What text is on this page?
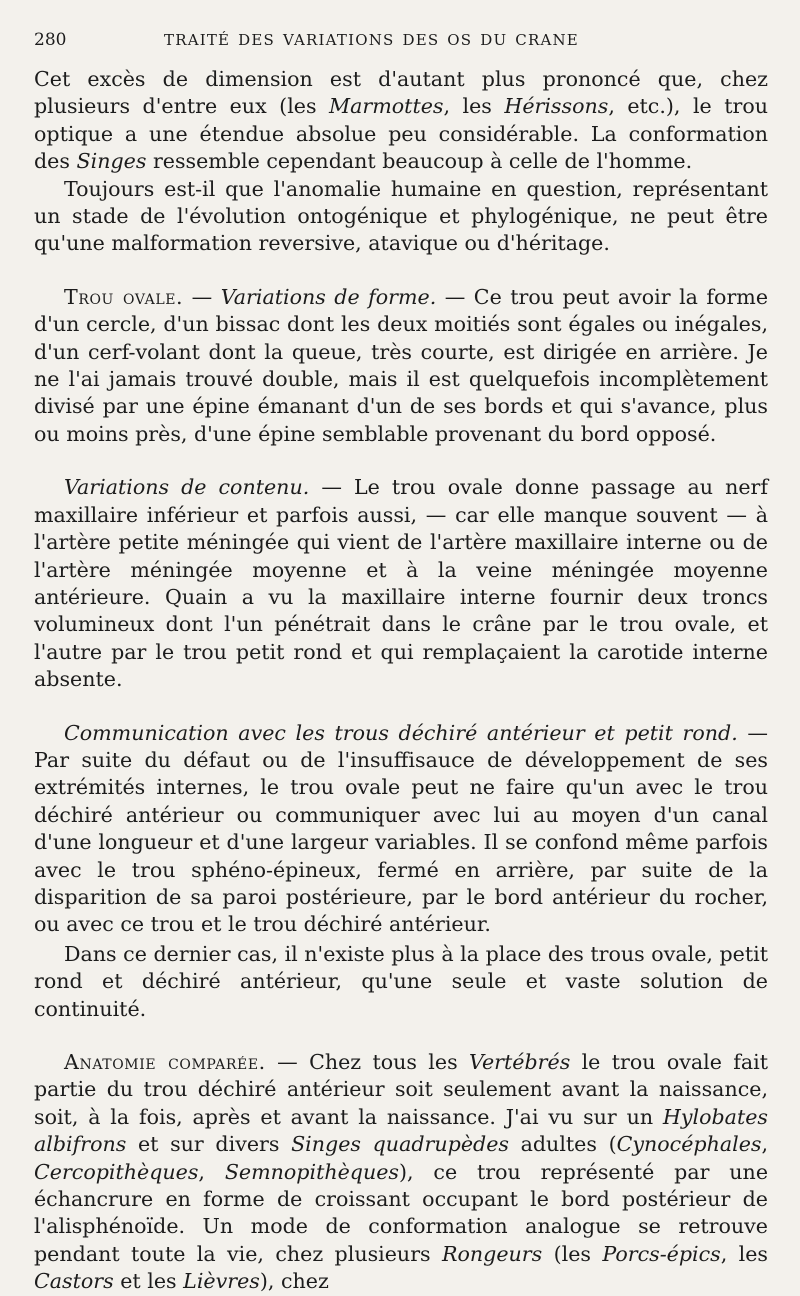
280	TRAITÉ DES VARIATIONS DES OS DU CRANE

Cet excès de dimension est d'autant plus prononcé que, chez plusieurs d'entre eux (les Marmottes, les Hérissons, etc.), le trou optique a une étendue absolue peu considérable. La conformation des Singes ressemble cependant beaucoup à celle de l'homme.

Toujours est-il que l'anomalie humaine en question, représentant un stade de l'évolution ontogénique et phylogénique, ne peut être qu'une malformation reversive, atavique ou d'héritage.

Trou ovale. — Variations de forme. — Ce trou peut avoir la forme d'un cercle, d'un bissac dont les deux moitiés sont égales ou inégales, d'un cerf-volant dont la queue, très courte, est dirigée en arrière. Je ne l'ai jamais trouvé double, mais il est quelquefois incomplètement divisé par une épine émanant d'un de ses bords et qui s'avance, plus ou moins près, d'une épine semblable provenant du bord opposé.

Variations de contenu. — Le trou ovale donne passage au nerf maxillaire inférieur et parfois aussi, — car elle manque souvent — à l'artère petite méningée qui vient de l'artère maxillaire interne ou de l'artère méningée moyenne et à la veine méningée moyenne antérieure. Quain a vu la maxillaire interne fournir deux troncs volumineux dont l'un pénétrait dans le crâne par le trou ovale, et l'autre par le trou petit rond et qui remplaçaient la carotide interne absente.

Communication avec les trous déchiré antérieur et petit rond. — Par suite du défaut ou de l'insuffisauce de développement de ses extrémités internes, le trou ovale peut ne faire qu'un avec le trou déchiré antérieur ou communiquer avec lui au moyen d'un canal d'une longueur et d'une largeur variables. Il se confond même parfois avec le trou sphéno-épineux, fermé en arrière, par suite de la disparition de sa paroi postérieure, par le bord antérieur du rocher, ou avec ce trou et le trou déchiré antérieur.

Dans ce dernier cas, il n'existe plus à la place des trous ovale, petit rond et déchiré antérieur, qu'une seule et vaste solution de continuité.

Anatomie comparée. — Chez tous les Vertébrés le trou ovale fait partie du trou déchiré antérieur soit seulement avant la naissance, soit, à la fois, après et avant la naissance. J'ai vu sur un Hylobates albifrons et sur divers Singes quadrupèdes adultes (Cynocéphales, Cercopithèques, Semnopithèques), ce trou représenté par une échancrure en forme de croissant occupant le bord postérieur de l'alisphénoïde. Un mode de conformation analogue se retrouve pendant toute la vie, chez plusieurs Rongeurs (les Porcs-épics, les Castors et les Lièvres), chez
